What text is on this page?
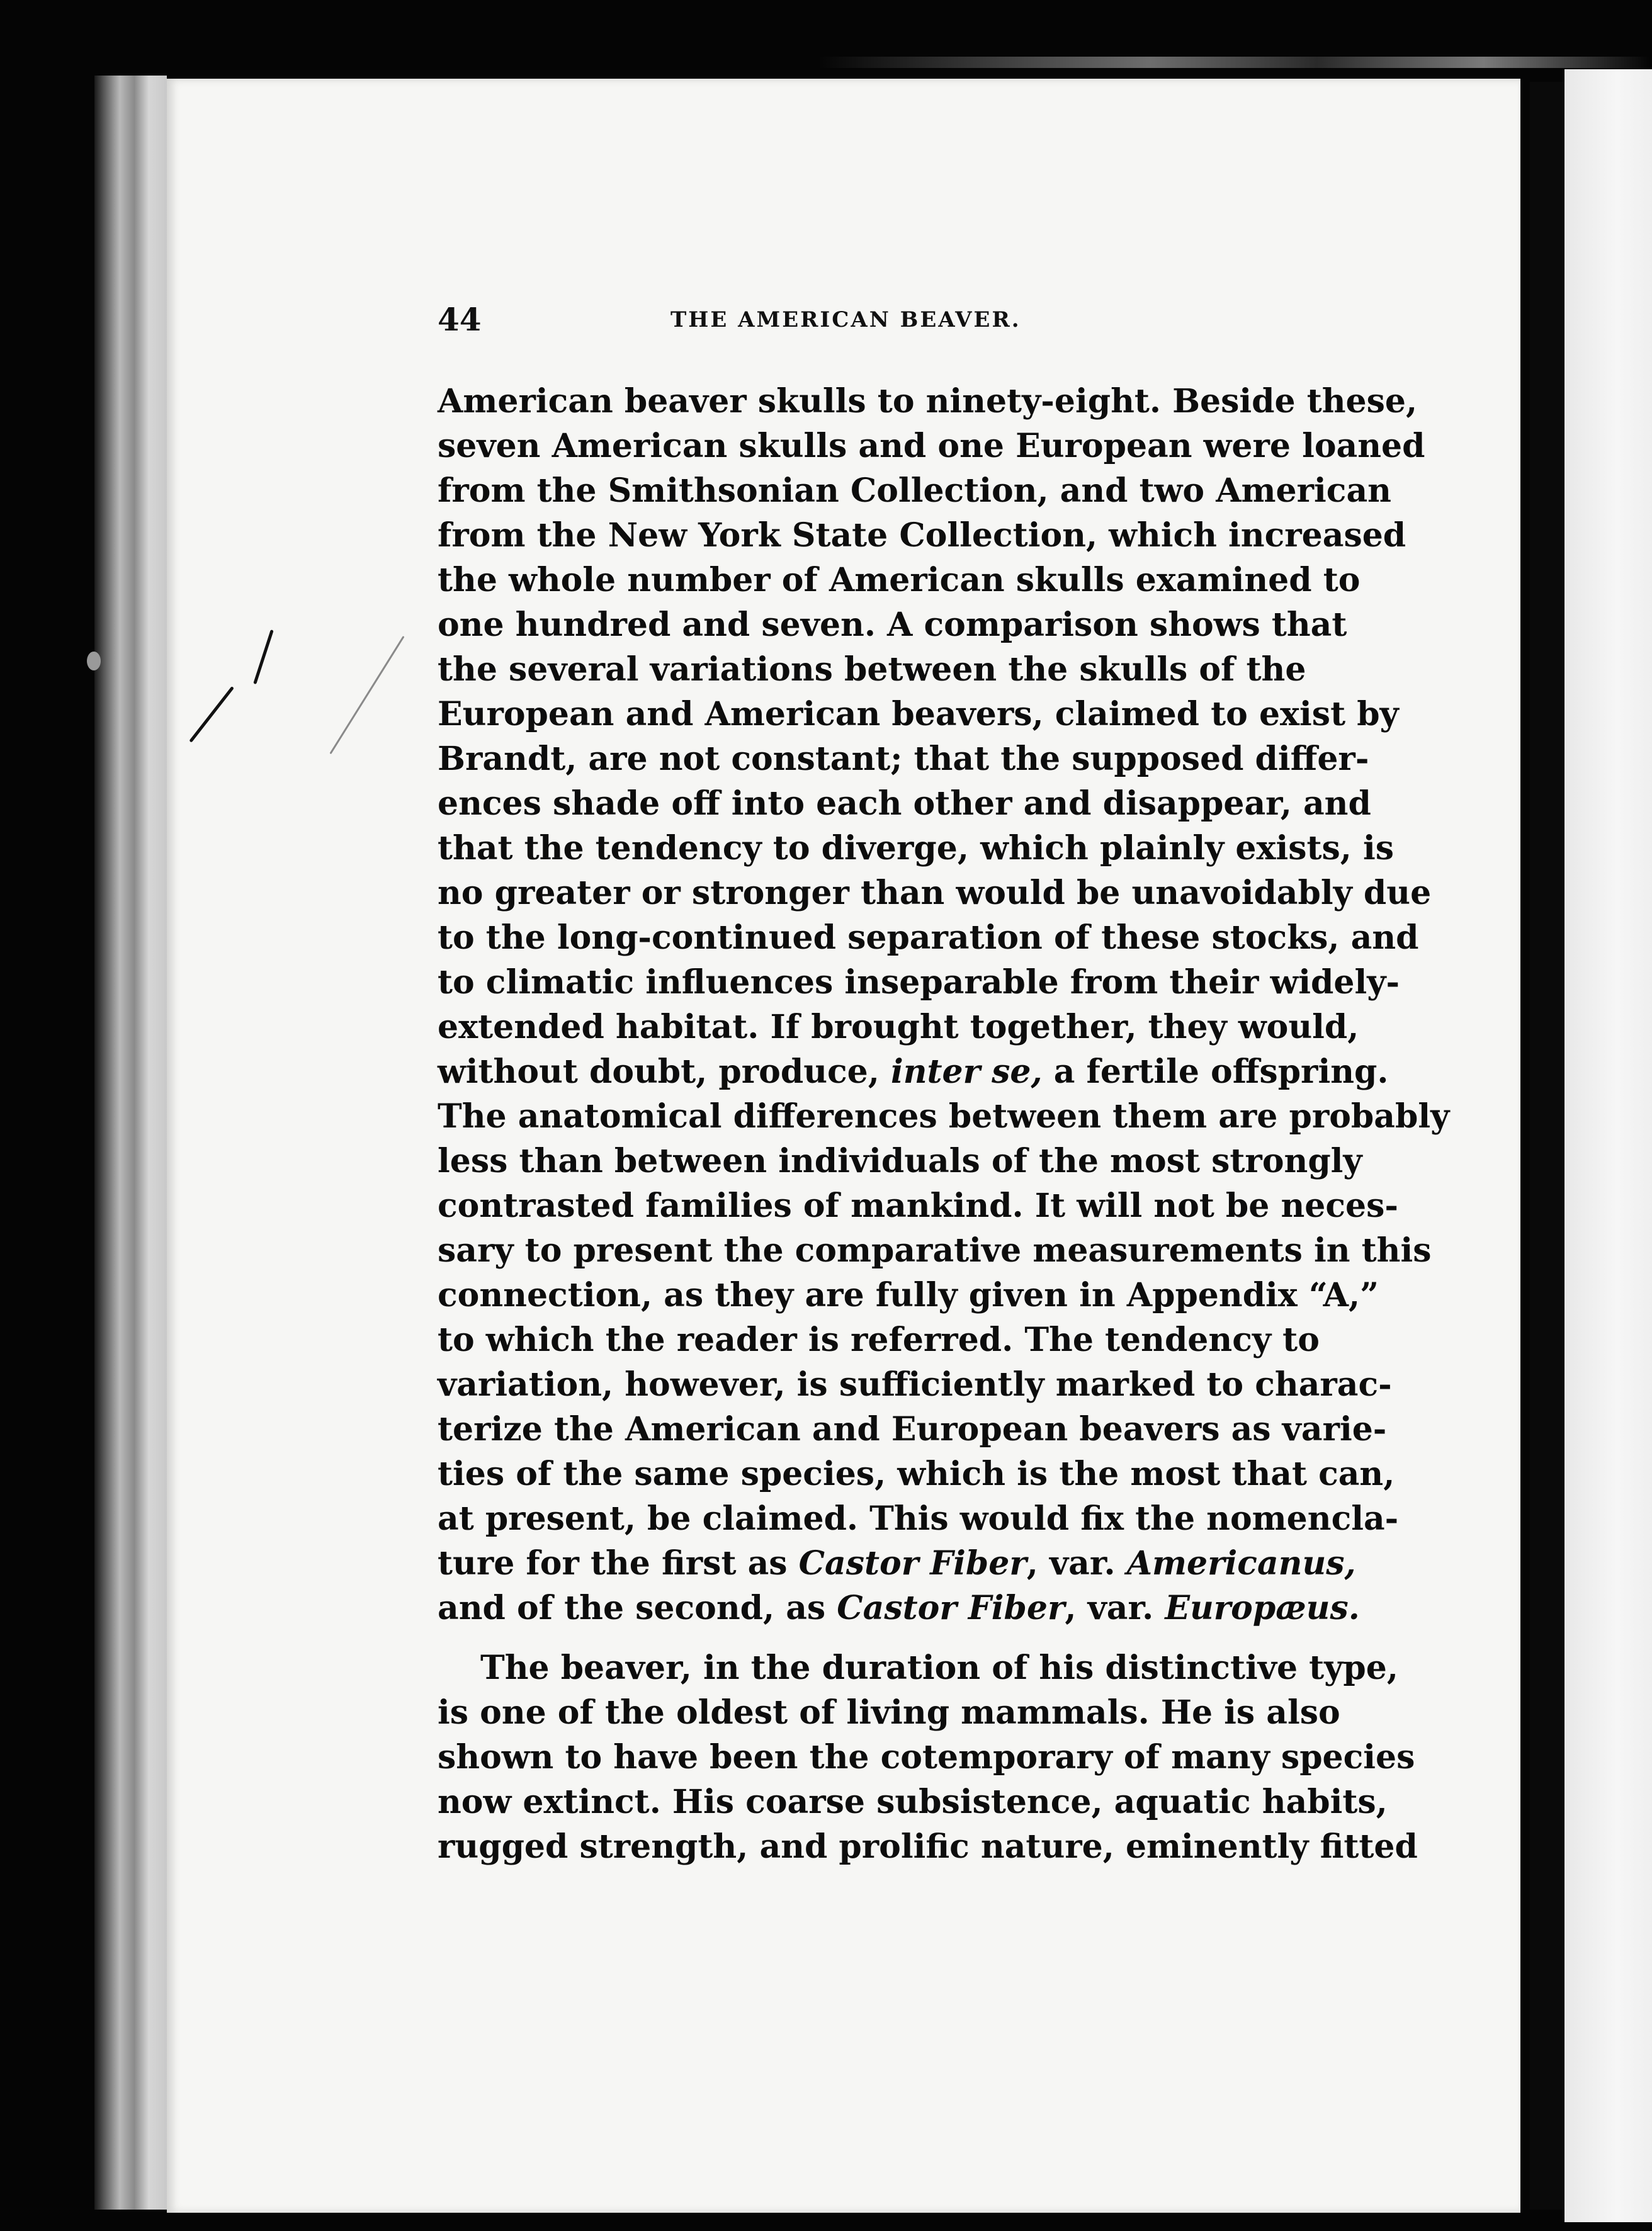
44	THE AMERICAN BEAVER.
American beaver skulls to ninety-eight. Beside these,
seven American skulls and one European were loaned
from the Smithsonian Collection, and two American
from the New York State Collection, which increased
the whole number of American skulls examined to
one hundred and seven. A comparison shows that
the several variations between the skulls of the
European and American beavers, claimed to exist by
Brandt, are not constant; that the supposed differ-
ences shade off into each other and disappear, and
that the tendency to diverge, which plainly exists, is
no greater or stronger than would be unavoidably due
to the long-continued separation of these stocks, and
to climatic influences inseparable from their widely-
extended habitat. If brought together, they would,
without doubt, produce, inter se, a fertile offspring.
The anatomical differences between them are probably
less than between individuals of the most strongly
contrasted families of mankind. It will not be neces-
sary to present the comparative measurements in this
connection, as they are fully given in Appendix “A,”
to which the reader is referred. The tendency to
variation, however, is sufficiently marked to charac-
terize the American and European beavers as varie-
ties of the same species, which is the most that can,
at present, be claimed. This would fix the nomencla-
ture for the first as Castor Fiber, var. Americanus,
and of the second, as Castor Fiber, var. Europæus.
The beaver, in the duration of his distinctive type,
is one of the oldest of living mammals. He is also
shown to have been the cotemporary of many species
now extinct. His coarse subsistence, aquatic habits,
rugged strength, and prolific nature, eminently fitted
